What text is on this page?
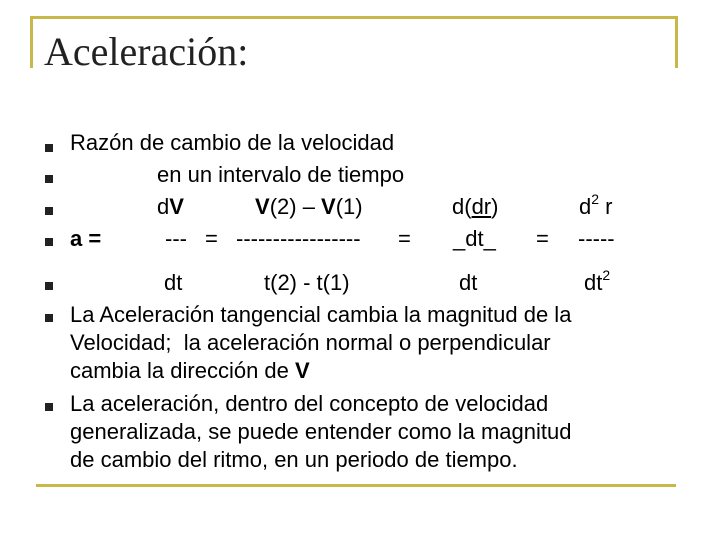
Aceleración:
Razón de cambio de la velocidad
en un intervalo de tiempo
dV	V(2) – V(1)	d(dr)	$d^2$ r
a =	--- = ----------------- = _dt_ = -----
dt	t(2) - t(1)	dt	$dt^2$
La Aceleración tangencial cambia la magnitud de la
Velocidad;  la aceleración normal o perpendicular
cambia la dirección de V
La aceleración, dentro del concepto de velocidad
generalizada, se puede entender como la magnitud
de cambio del ritmo, en un periodo de tiempo.
